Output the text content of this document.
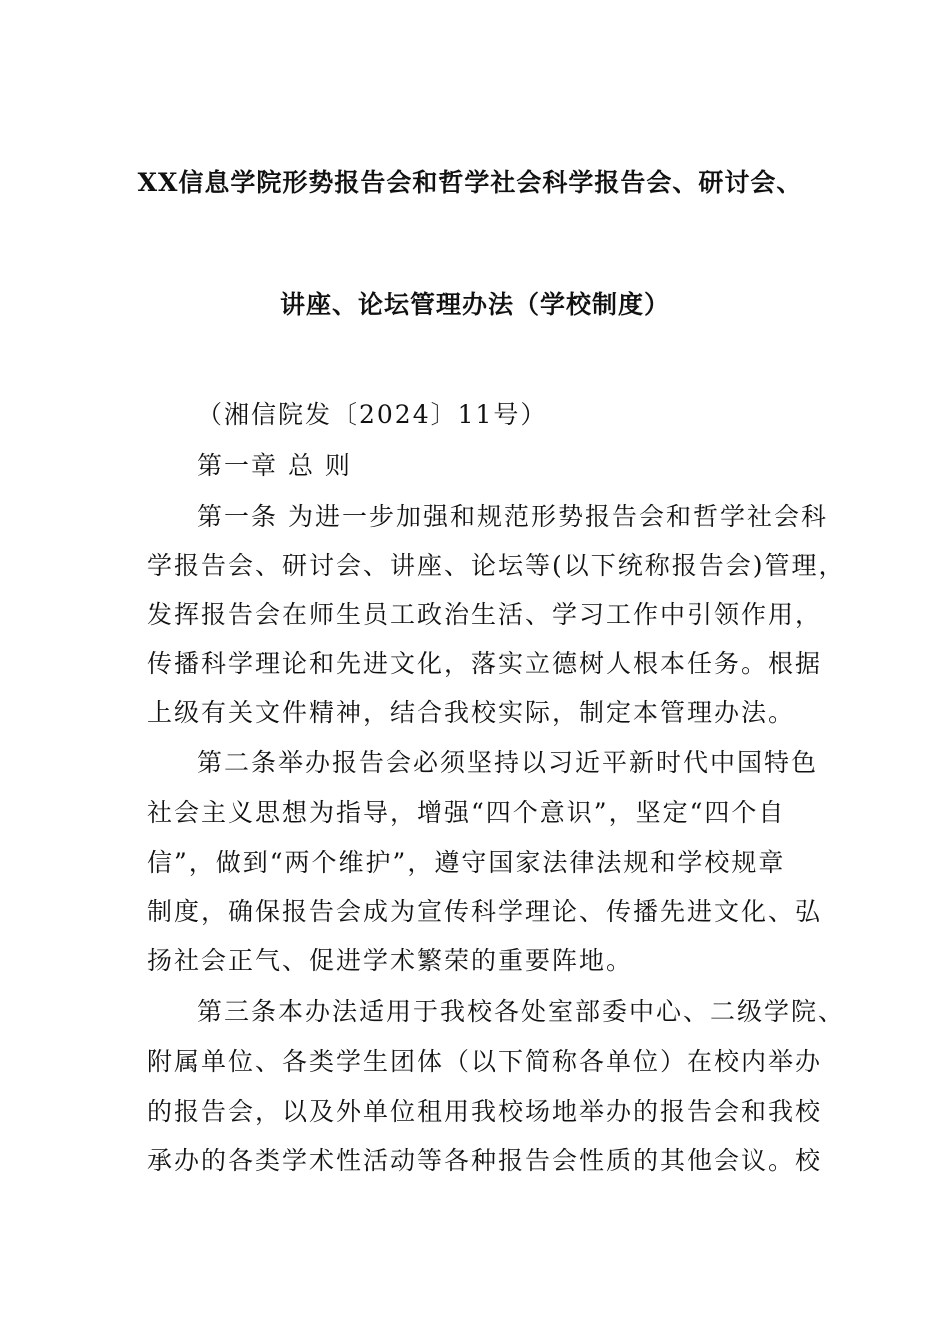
XX信息学院形势报告会和哲学社会科学报告会、研讨会、
讲座、论坛管理办法（学校制度）
（湘信院发〔2024〕11号）
第一章 总 则
第一条 为进一步加强和规范形势报告会和哲学社会科
学报告会、研讨会、讲座、论坛等(以下统称报告会)管理，
发挥报告会在师生员工政治生活、学习工作中引领作用，
传播科学理论和先进文化，落实立德树人根本任务。根据
上级有关文件精神，结合我校实际，制定本管理办法。
第二条举办报告会必须坚持以习近平新时代中国特色
社会主义思想为指导，增强“四个意识”，坚定“四个自
信”，做到“两个维护”，遵守国家法律法规和学校规章
制度，确保报告会成为宣传科学理论、传播先进文化、弘
扬社会正气、促进学术繁荣的重要阵地。
第三条本办法适用于我校各处室部委中心、二级学院、
附属单位、各类学生团体（以下简称各单位）在校内举办
的报告会，以及外单位租用我校场地举办的报告会和我校
承办的各类学术性活动等各种报告会性质的其他会议。校
